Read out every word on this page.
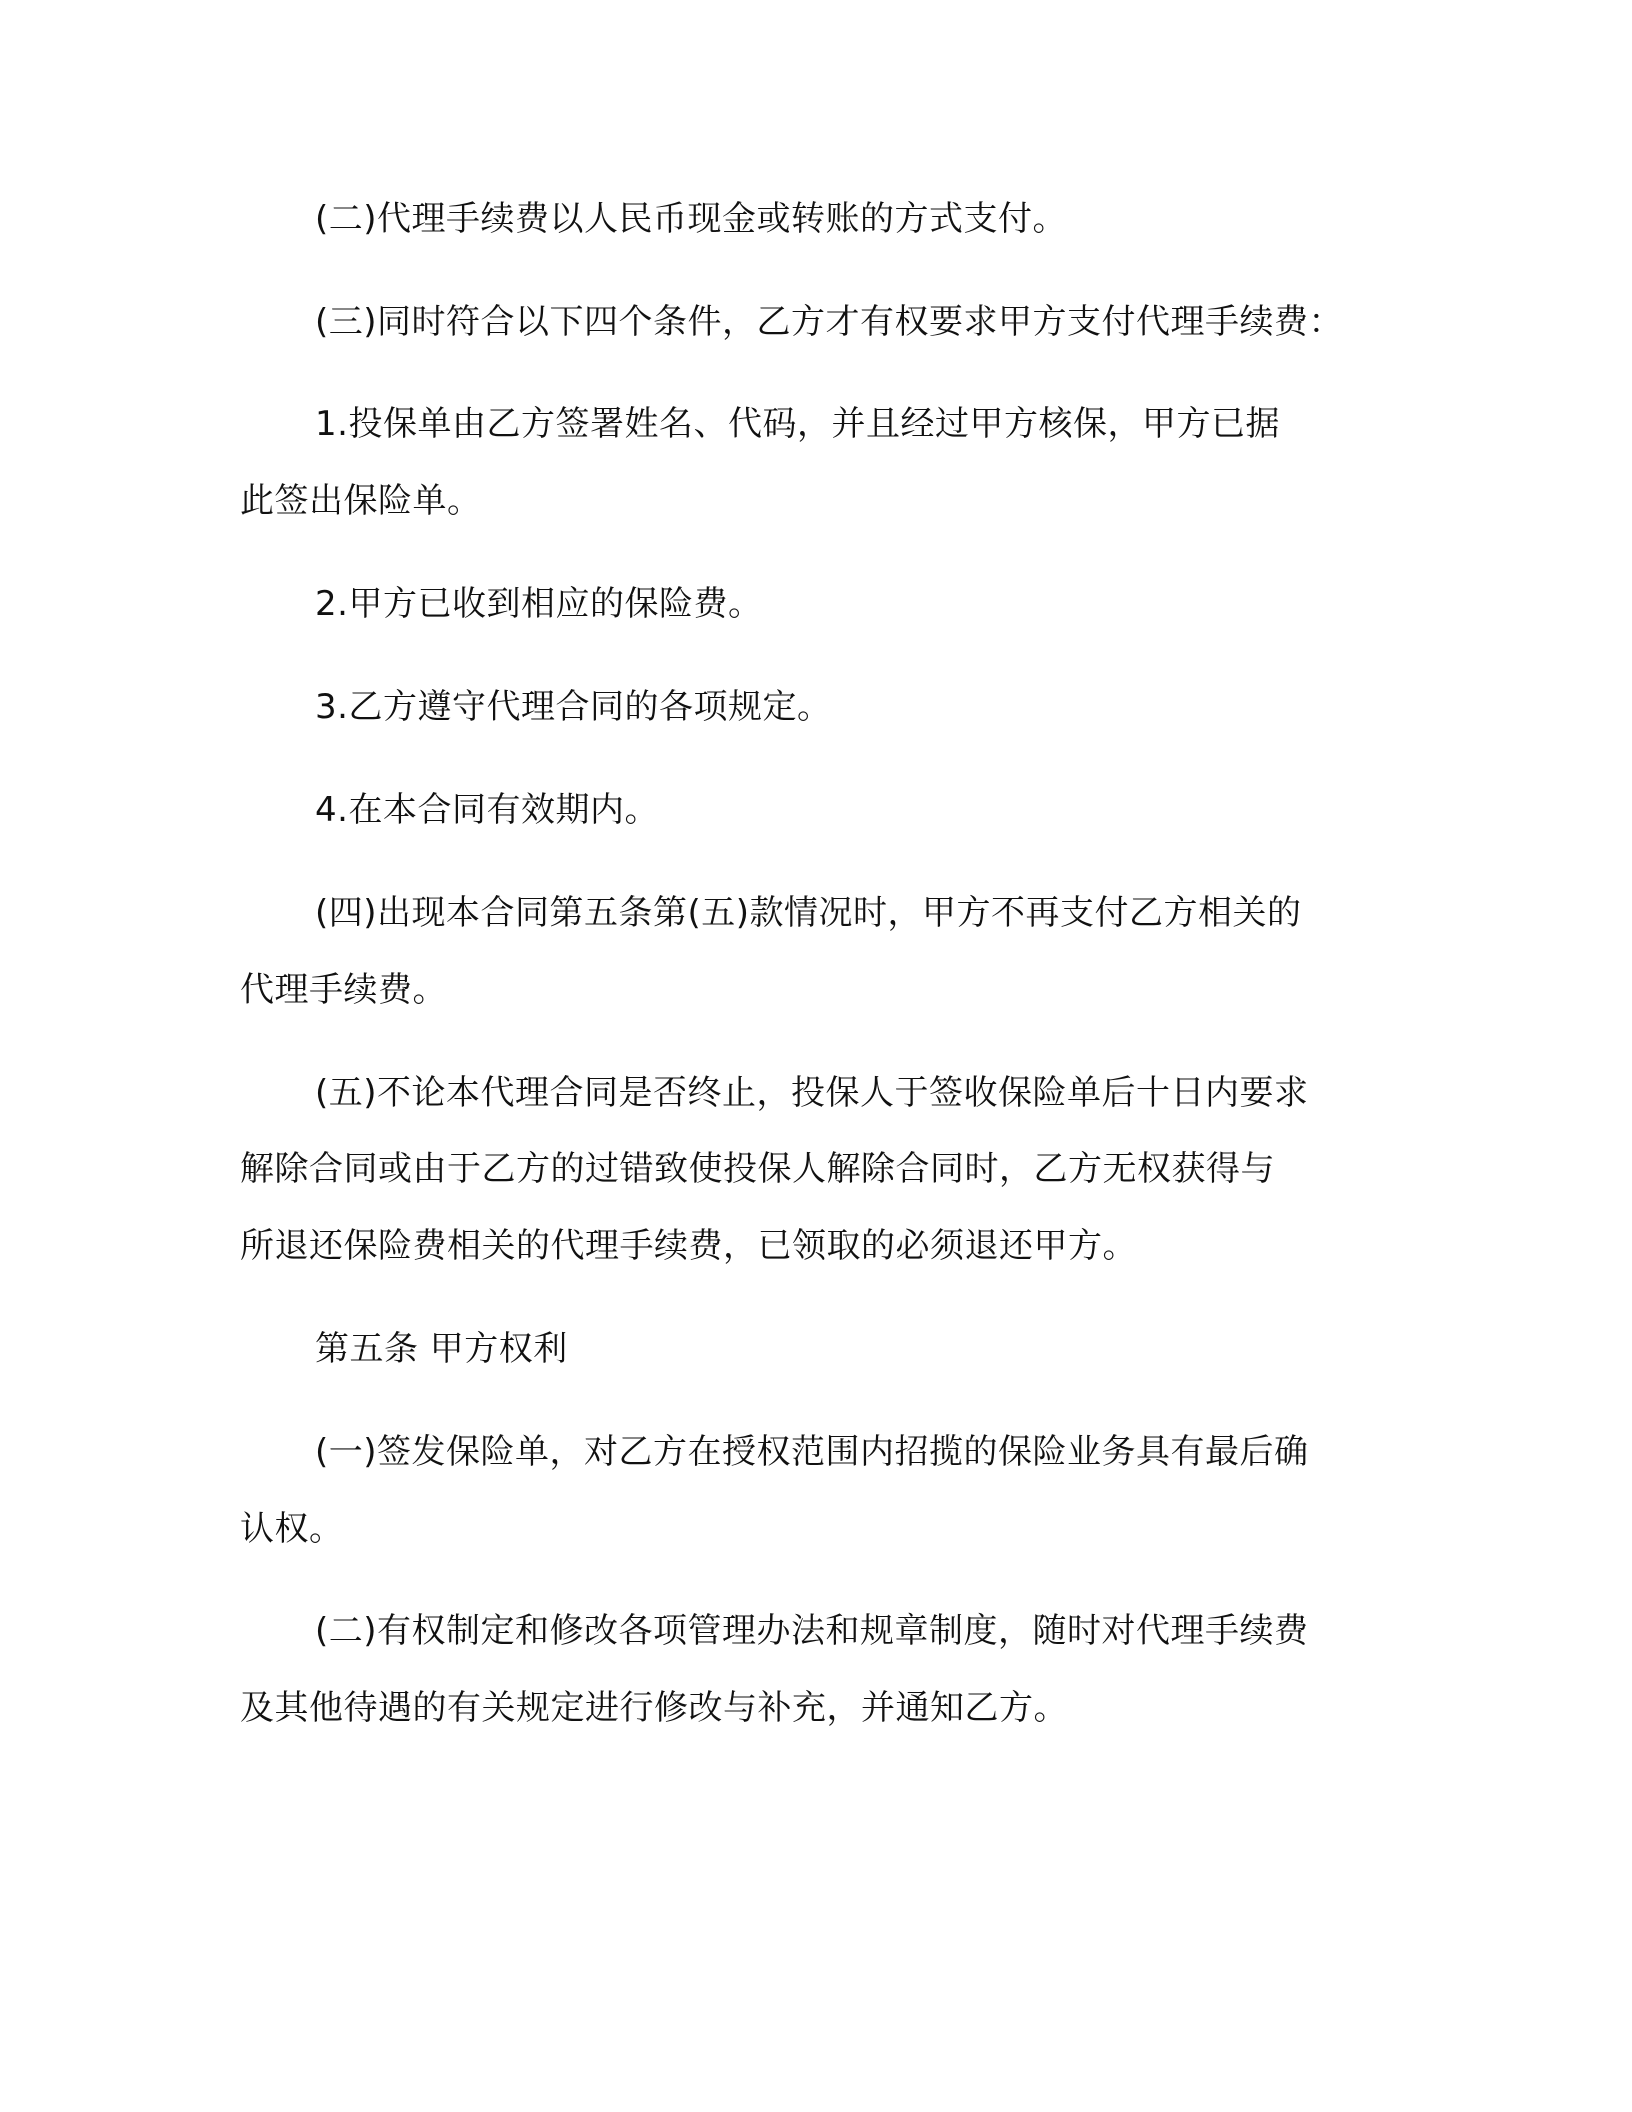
(二)代理手续费以人民币现金或转账的方式支付。

(三)同时符合以下四个条件，乙方才有权要求甲方支付代理手续费：

1.投保单由乙方签署姓名、代码，并且经过甲方核保，甲方已据

此签出保险单。

2.甲方已收到相应的保险费。

3.乙方遵守代理合同的各项规定。

4.在本合同有效期内。

(四)出现本合同第五条第(五)款情况时，甲方不再支付乙方相关的

代理手续费。

(五)不论本代理合同是否终止，投保人于签收保险单后十日内要求

解除合同或由于乙方的过错致使投保人解除合同时，乙方无权获得与

所退还保险费相关的代理手续费，已领取的必须退还甲方。

第五条 甲方权利

(一)签发保险单，对乙方在授权范围内招揽的保险业务具有最后确

认权。

(二)有权制定和修改各项管理办法和规章制度，随时对代理手续费

及其他待遇的有关规定进行修改与补充，并通知乙方。
